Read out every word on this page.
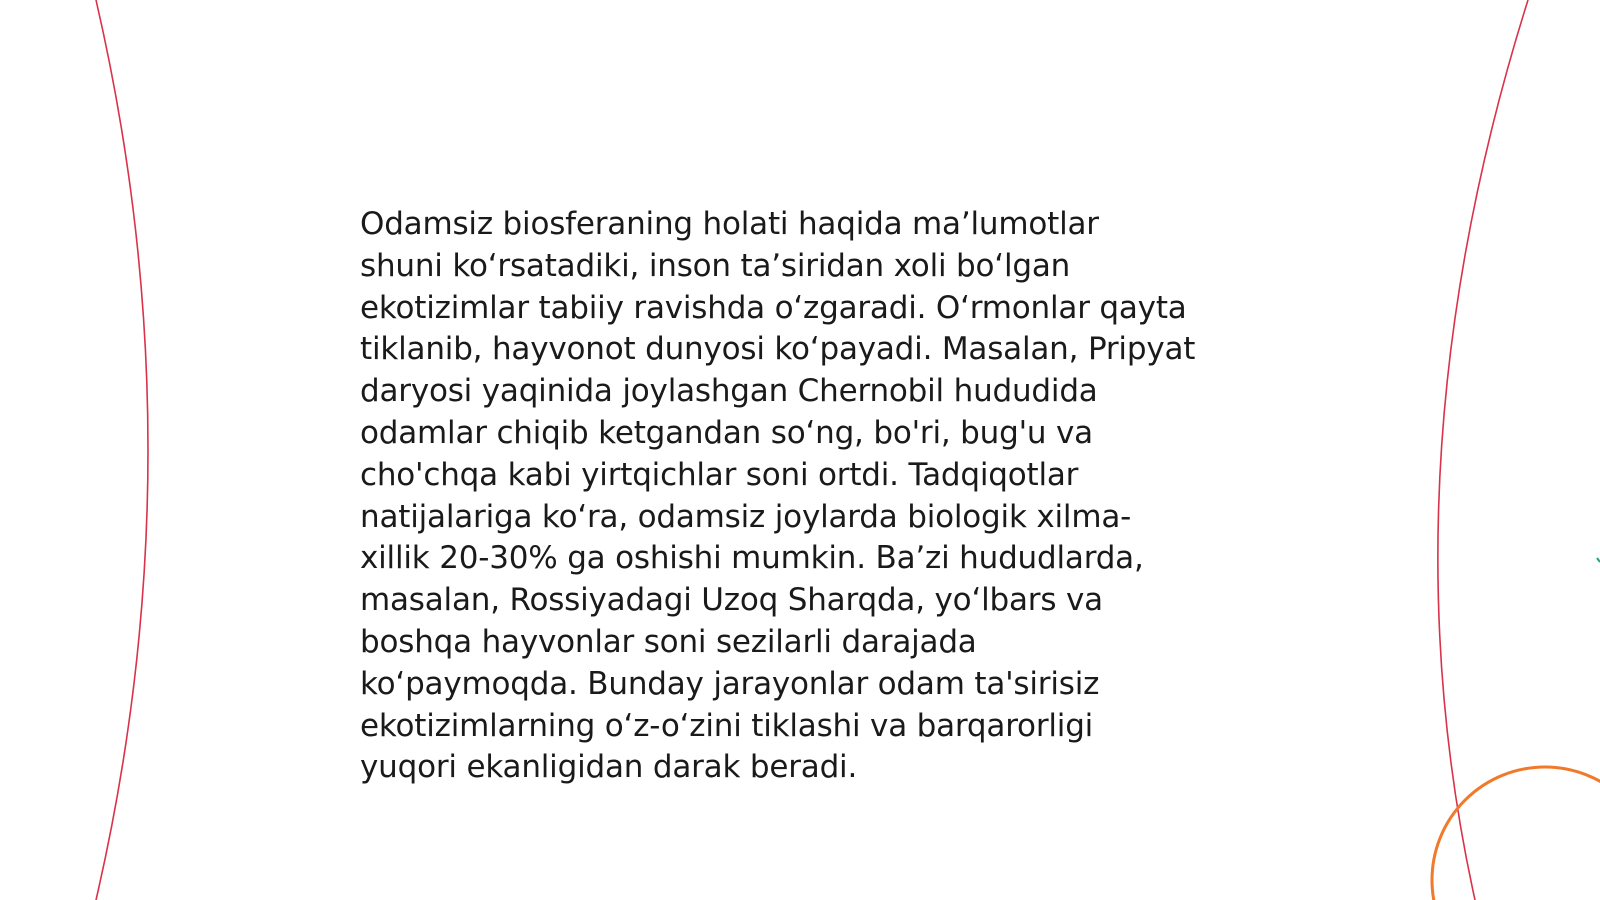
Odamsiz biosferaning holati haqida ma’lumotlar
shuni koʻrsatadiki, inson taʼsiridan xoli boʻlgan
ekotizimlar tabiiy ravishda oʻzgaradi. Oʻrmonlar qayta
tiklanib, hayvonot dunyosi koʻpayadi. Masalan, Pripyat
daryosi yaqinida joylashgan Chernobil hududida
odamlar chiqib ketgandan soʻng, bo'ri, bug'u va
cho'chqa kabi yirtqichlar soni ortdi. Tadqiqotlar
natijalariga koʻra, odamsiz joylarda biologik xilma-
xillik 20-30% ga oshishi mumkin. Baʼzi hududlarda,
masalan, Rossiyadagi Uzoq Sharqda, yoʻlbars va
boshqa hayvonlar soni sezilarli darajada
koʻpaymoqda. Bunday jarayonlar odam ta'sirisiz
ekotizimlarning oʻz-oʻzini tiklashi va barqarorligi
yuqori ekanligidan darak beradi.
